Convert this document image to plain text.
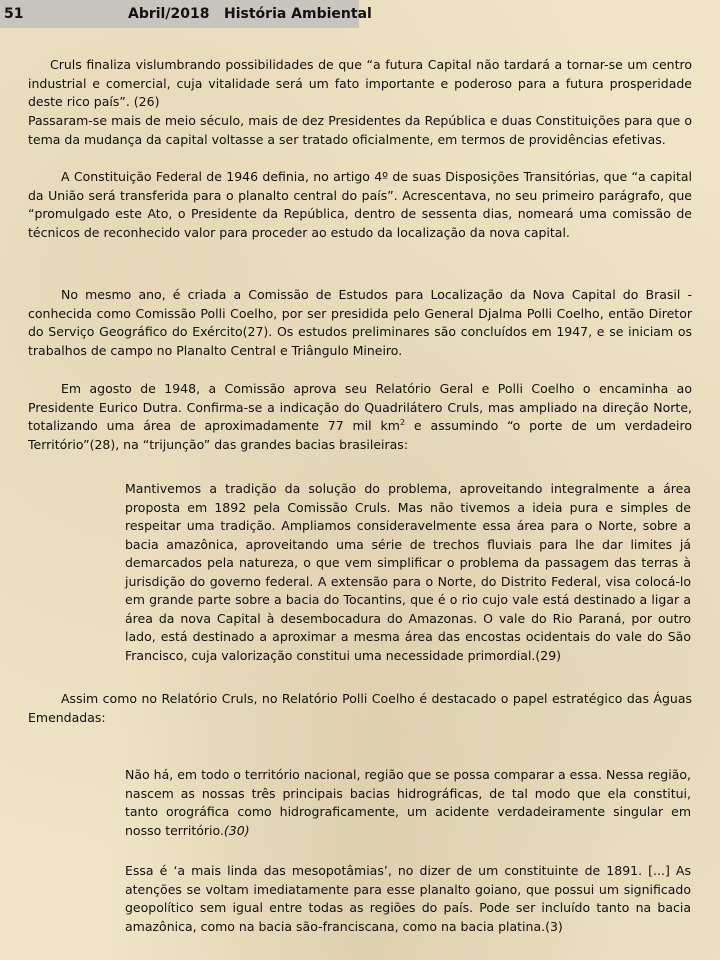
51	Abril/2018 História Ambiental

Cruls finaliza vislumbrando possibilidades de que “a futura Capital não tardará a tornar-se um centro industrial e comercial, cuja vitalidade será um fato importante e poderoso para a futura prosperidade deste rico país”. (26)

Passaram-se mais de meio século, mais de dez Presidentes da República e duas Constituições para que o tema da mudança da capital voltasse a ser tratado oficialmente, em termos de providências efetivas.

A Constituição Federal de 1946 definia, no artigo 4º de suas Disposições Transitórias, que “a capital da União será transferida para o planalto central do país”. Acrescentava, no seu primeiro parágrafo, que “promulgado este Ato, o Presidente da República, dentro de sessenta dias, nomeará uma comissão de técnicos de reconhecido valor para proceder ao estudo da localização da nova capital.

No mesmo ano, é criada a Comissão de Estudos para Localização da Nova Capital do Brasil - conhecida como Comissão Polli Coelho, por ser presidida pelo General Djalma Polli Coelho, então Diretor do Serviço Geográfico do Exército(27). Os estudos preliminares são concluídos em 1947, e se iniciam os trabalhos de campo no Planalto Central e Triângulo Mineiro.

Em agosto de 1948, a Comissão aprova seu Relatório Geral e Polli Coelho o encaminha ao Presidente Eurico Dutra. Confirma-se a indicação do Quadrilátero Cruls, mas ampliado na direção Norte, totalizando uma área de aproximadamente 77 mil $km^2$ e assumindo “o porte de um verdadeiro Território”(28), na “trijunção” das grandes bacias brasileiras:

Mantivemos a tradição da solução do problema, aproveitando integralmente a área proposta em 1892 pela Comissão Cruls. Mas não tivemos a ideia pura e simples de respeitar uma tradição. Ampliamos consideravelmente essa área para o Norte, sobre a bacia amazônica, aproveitando uma série de trechos fluviais para lhe dar limites já demarcados pela natureza, o que vem simplificar o problema da passagem das terras à jurisdição do governo federal. A extensão para o Norte, do Distrito Federal, visa colocá-lo em grande parte sobre a bacia do Tocantins, que é o rio cujo vale está destinado a ligar a área da nova Capital à desembocadura do Amazonas. O vale do Rio Paraná, por outro lado, está destinado a aproximar a mesma área das encostas ocidentais do vale do São Francisco, cuja valorização constitui uma necessidade primordial.(29)

Assim como no Relatório Cruls, no Relatório Polli Coelho é destacado o papel estratégico das Águas Emendadas:

Não há, em todo o território nacional, região que se possa comparar a essa. Nessa região, nascem as nossas três principais bacias hidrográficas, de tal modo que ela constitui, tanto orográfica como hidrograficamente, um acidente verdadeiramente singular em nosso território.(30)

Essa é ‘a mais linda das mesopotâmias’, no dizer de um constituinte de 1891. [...] As atenções se voltam imediatamente para esse planalto goiano, que possui um significado geopolítico sem igual entre todas as regiões do país. Pode ser incluído tanto na bacia amazônica, como na bacia são-franciscana, como na bacia platina.(3)
